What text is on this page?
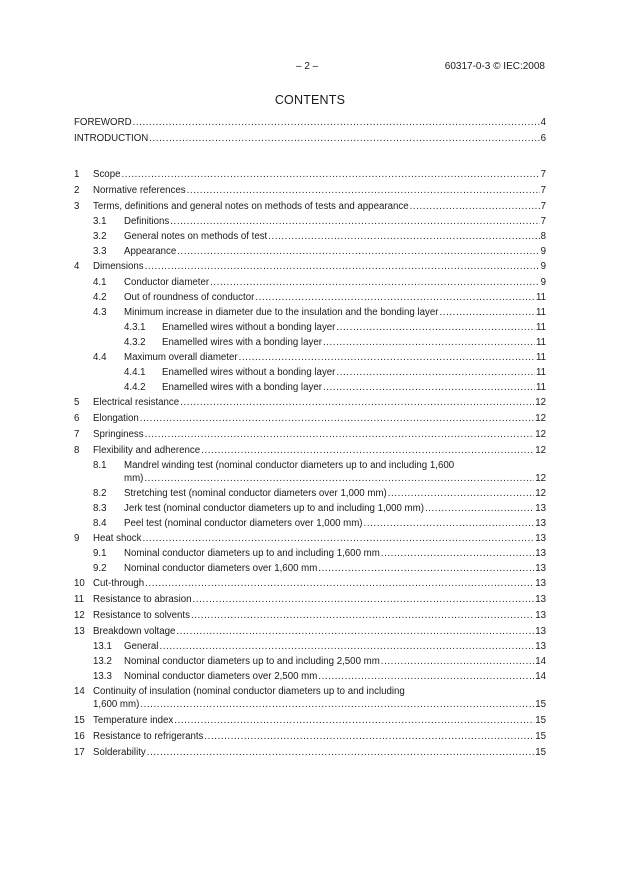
– 2 –	60317-0-3 © IEC:2008
CONTENTS
FOREWORD .....	4
INTRODUCTION .....	6
1	Scope .....	7
2	Normative references .....	7
3	Terms, definitions and general notes on methods of tests and appearance .....	7
3.1	Definitions .....	7
3.2	General notes on methods of test .....	8
3.3	Appearance .....	9
4	Dimensions .....	9
4.1	Conductor diameter .....	9
4.2	Out of roundness of conductor .....	11
4.3	Minimum increase in diameter due to the insulation and the bonding layer .....	11
4.3.1	Enamelled wires without a bonding layer .....	11
4.3.2	Enamelled wires with a bonding layer .....	11
4.4	Maximum overall diameter .....	11
4.4.1	Enamelled wires without a bonding layer .....	11
4.4.2	Enamelled wires with a bonding layer .....	11
5	Electrical resistance .....	12
6	Elongation .....	12
7	Springiness .....	12
8	Flexibility and adherence .....	12
8.1	Mandrel winding test (nominal conductor diameters up to and including 1,600
mm) .....	12
8.2	Stretching test (nominal conductor diameters over 1,000 mm) .....	12
8.3	Jerk test (nominal conductor diameters up to and including 1,000 mm) .....	13
8.4	Peel test (nominal conductor diameters over 1,000 mm) .....	13
9	Heat shock .....	13
9.1	Nominal conductor diameters up to and including 1,600 mm .....	13
9.2	Nominal conductor diameters over 1,600 mm .....	13
10 Cut-through .....	13
11 Resistance to abrasion .....	13
12 Resistance to solvents .....	13
13 Breakdown voltage .....	13
13.1	General .....	13
13.2	Nominal conductor diameters up to and including 2,500 mm .....	14
13.3	Nominal conductor diameters over 2,500 mm .....	14
14 Continuity of insulation (nominal conductor diameters up to and including
1,600 mm) .....	15
15 Temperature index .....	15
16 Resistance to refrigerants .....	15
17 Solderability .....	15
